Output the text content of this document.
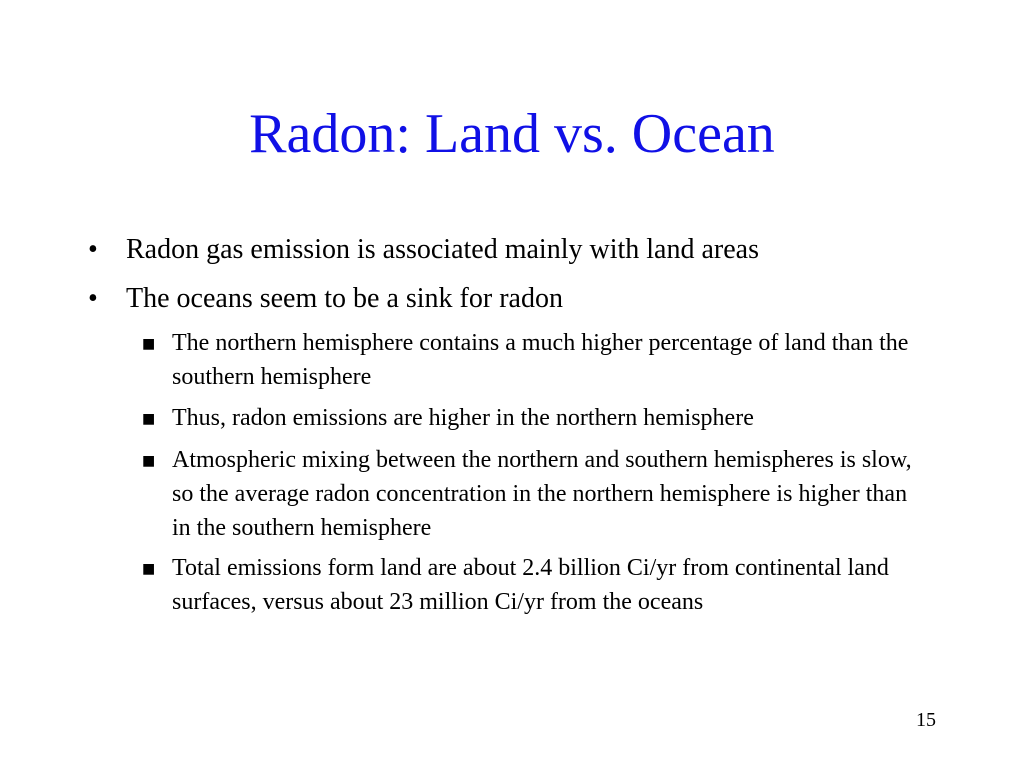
Radon: Land vs. Ocean
• Radon gas emission is associated mainly with land areas
• The oceans seem to be a sink for radon
■ The northern hemisphere contains a much higher percentage of land than the southern hemisphere
■ Thus, radon emissions are higher in the northern hemisphere
■ Atmospheric mixing between the northern and southern hemispheres is slow, so the average radon concentration in the northern hemisphere is higher than in the southern hemisphere
■ Total emissions form land are about 2.4 billion Ci/yr from continental land surfaces, versus about 23 million Ci/yr from the oceans
15
